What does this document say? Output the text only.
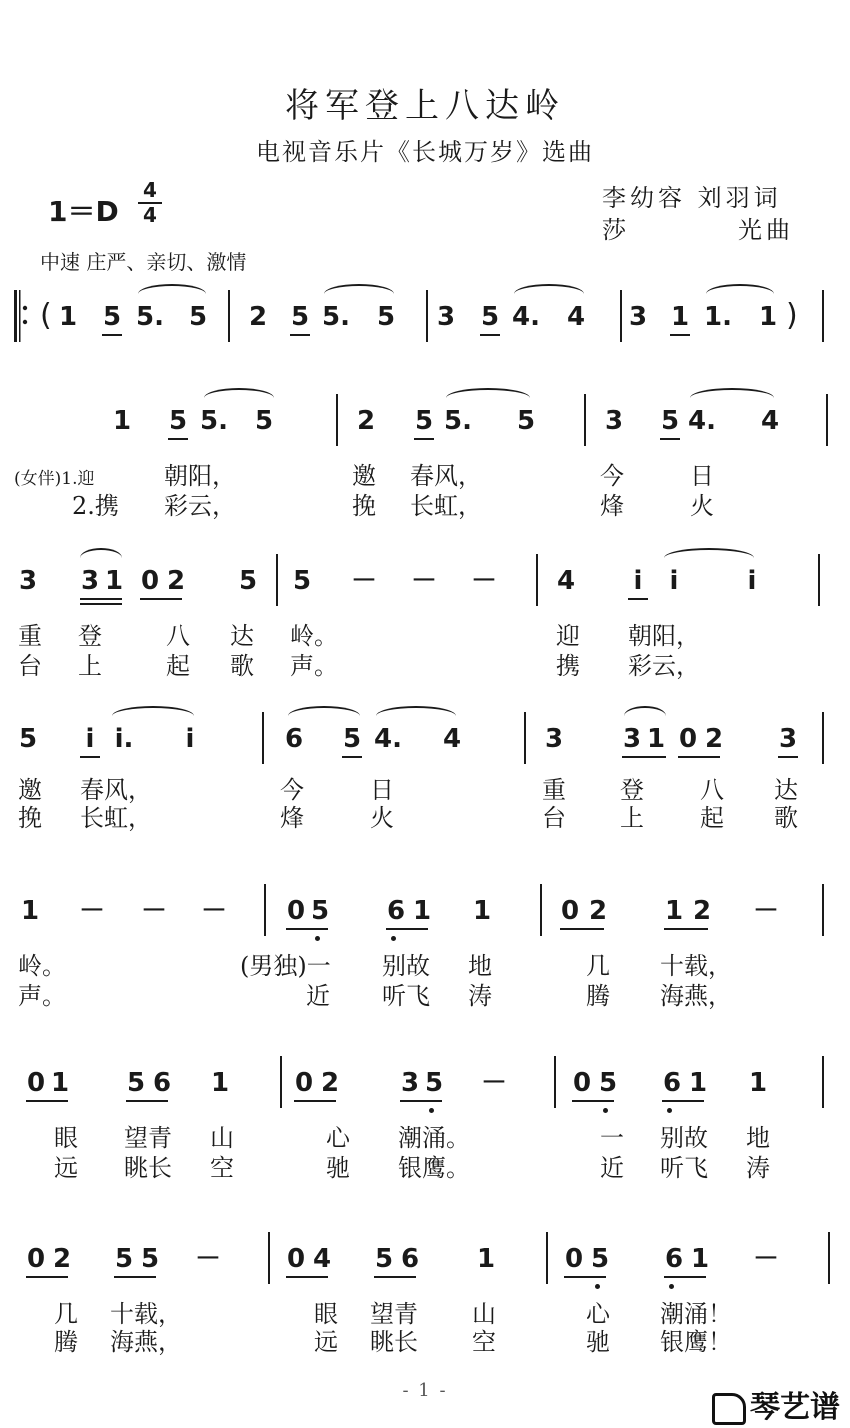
将军登上八达岭
电视音乐片《长城万岁》选曲
1＝D
4
4
李幼容 刘羽词
莎	光曲
中速 庄严、亲切、激情
( 1 5 5. 5 2 5 5. 5 3 5 4. 4 3 1 1. 1 )
1 5 5. 5	2 5 5. 5	3 5 4. 4
(女伴)1.迎	朝阳，	邀 春风，	今	日
2.携 彩云，	挽 长虹，	烽	火
3 3 1 0 2 5 5 － － － 4	i	i	i
重 登	八 达 岭。	迎 朝阳，
台 上	起 歌 声。	携 彩云，
5	i i.	i	6 5 4. 4	3 3 1 0 2 3
邀 春风，	今	日	重 登 八 达
挽 长虹，	烽	火	台 上 起 歌
1 － － － 0 5 6 1 1	0 2 1 2 －
岭。	(男独)一 别故 地	几 十载，
声。	近 听飞 涛	腾 海燕，
0 1 5 6 1	0 2 3 5 －	0 5 6 1 1
眼 望青 山	心 潮涌。	一 别故 地
远 眺长 空	驰 银鹰。	近 听飞 涛
0 2 5 5 －	0 4 5 6 1	0 5 6 1 －
几 十载，	眼 望青 山	心 潮涌！
腾 海燕，	远 眺长 空	驰 银鹰！
- 1 -	琴艺谱
